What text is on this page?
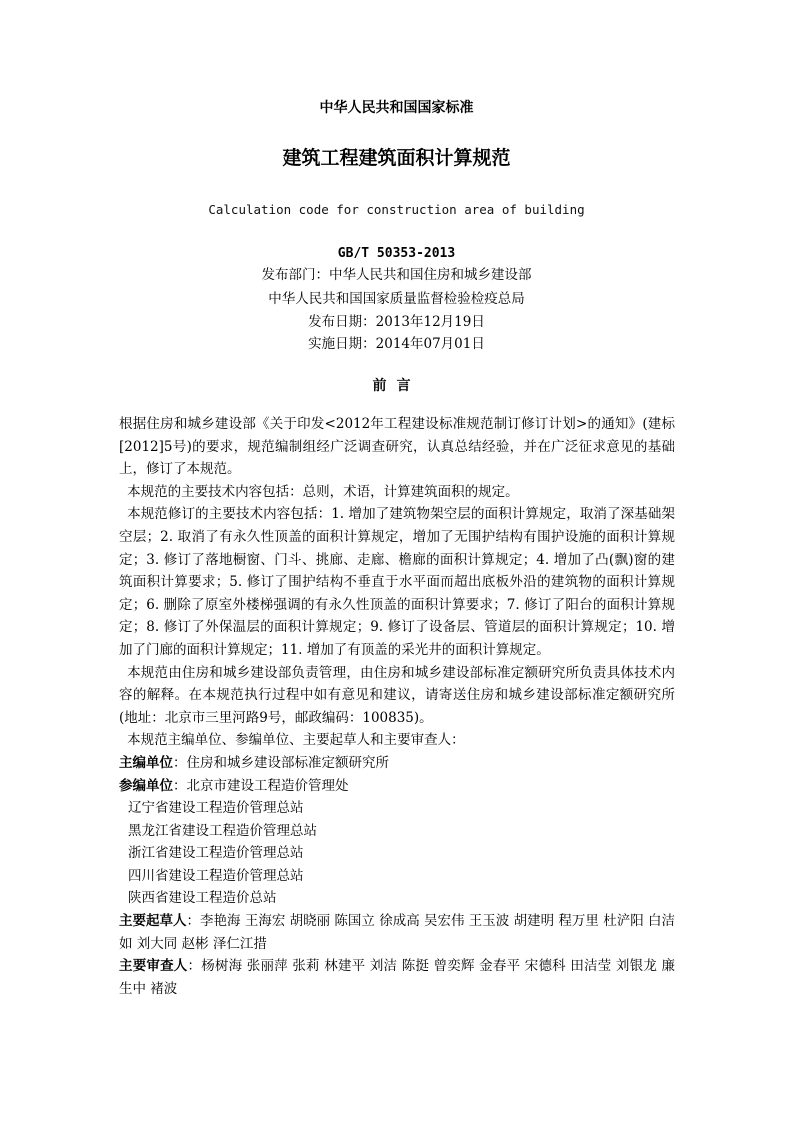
中华人民共和国国家标准
建筑工程建筑面积计算规范
Calculation code for construction area of building
GB/T 50353-2013
发布部门：中华人民共和国住房和城乡建设部
中华人民共和国国家质量监督检验检疫总局
发布日期：2013年12月19日
实施日期：2014年07月01日
前言

根据住房和城乡建设部《关于印发<2012年工程建设标准规范制订修订计划>的通知》(建标[2012]5号)的要求，规范编制组经广泛调查研究，认真总结经验，并在广泛征求意见的基础上，修订了本规范。

本规范的主要技术内容包括：总则，术语，计算建筑面积的规定。

本规范修订的主要技术内容包括：1. 增加了建筑物架空层的面积计算规定，取消了深基础架空层；2. 取消了有永久性顶盖的面积计算规定，增加了无围护结构有围护设施的面积计算规定；3. 修订了落地橱窗、门斗、挑廊、走廊、檐廊的面积计算规定；4. 增加了凸(飘)窗的建筑面积计算要求；5. 修订了围护结构不垂直于水平面而超出底板外沿的建筑物的面积计算规定；6. 删除了原室外楼梯强调的有永久性顶盖的面积计算要求；7. 修订了阳台的面积计算规定；8. 修订了外保温层的面积计算规定；9. 修订了设备层、管道层的面积计算规定；10. 增加了门廊的面积计算规定；11. 增加了有顶盖的采光井的面积计算规定。

本规范由住房和城乡建设部负责管理，由住房和城乡建设部标准定额研究所负责具体技术内容的解释。在本规范执行过程中如有意见和建议，请寄送住房和城乡建设部标准定额研究所(地址：北京市三里河路9号，邮政编码：100835)。

本规范主编单位、参编单位、主要起草人和主要审查人：

主编单位：住房和城乡建设部标准定额研究所
参编单位：北京市建设工程造价管理处
辽宁省建设工程造价管理总站
黑龙江省建设工程造价管理总站
浙江省建设工程造价管理总站
四川省建设工程造价管理总站
陕西省建设工程造价总站

主要起草人：李艳海 王海宏 胡晓丽 陈国立 徐成高 吴宏伟 王玉波 胡建明 程万里 杜浐阳 白洁如 刘大同 赵彬 泽仁江措

主要审查人：杨树海 张丽萍 张莉 林建平 刘洁 陈挺 曾奕辉 金春平 宋德科 田洁莹 刘银龙 廉生中 褚波
